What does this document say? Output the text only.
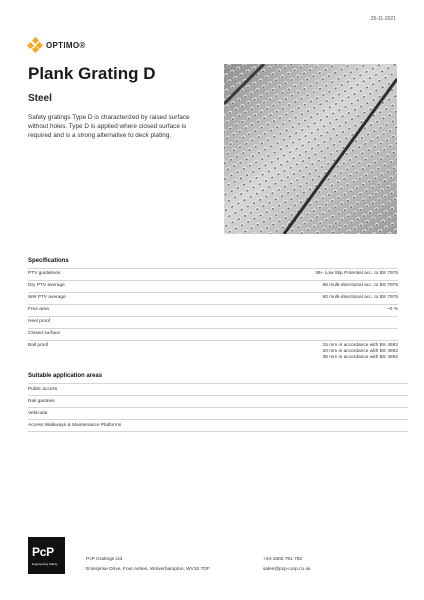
25-11-2021
OPTIMO®
Plank Grating D
Steel
Safety gratings Type D is characterized by raised surface without holes. Type D is applied where closed surface is required and is a strong alternative to deck plating.
Specifications
PTV guidelines	36+ Low Slip Potential acc. to BS 7976
Dry PTV average	86 multi-directional acc. to BS 7976
Wet PTV average	60 multi-directional acc. to BS 7976
Free area	~0 %
Heel proof	
Closed surface	
Ball proof	15 mm in accordance with BS 4592
20 mm in accordance with BS 4592
35 mm in accordance with BS 4592
Suitable application areas
Public access
Rail gantries
Vehicular
Access Walkways & Maintenance Platforms
PcP
Engineering Safety
PcP Gratings Ltd
Enterprise Drive, Four Ashes, Wolverhampton, WV10 7DF
+44-1902 791 792
sales@pcp-corp.co.uk
